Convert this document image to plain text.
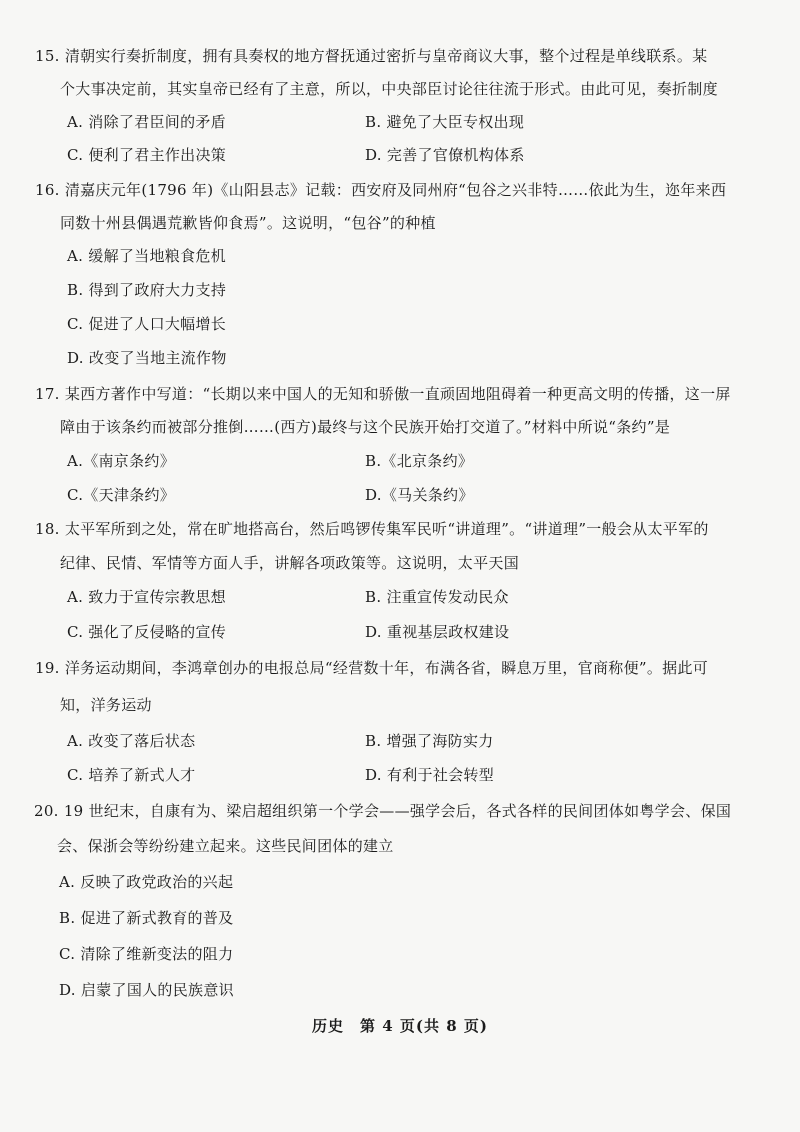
15. 清朝实行奏折制度，拥有具奏权的地方督抚通过密折与皇帝商议大事，整个过程是单线联系。某
个大事决定前，其实皇帝已经有了主意，所以，中央部臣讨论往往流于形式。由此可见，奏折制度
A. 消除了君臣间的矛盾	B. 避免了大臣专权出现
C. 便利了君主作出决策	D. 完善了官僚机构体系
16. 清嘉庆元年(1796 年)《山阳县志》记载：西安府及同州府“包谷之兴非特……依此为生，迩年来西
同数十州县偶遇荒歉皆仰食焉”。这说明，“包谷”的种植
A. 缓解了当地粮食危机
B. 得到了政府大力支持
C. 促进了人口大幅增长
D. 改变了当地主流作物
17. 某西方著作中写道：“长期以来中国人的无知和骄傲一直顽固地阻碍着一种更高文明的传播，这一屏
障由于该条约而被部分推倒……(西方)最终与这个民族开始打交道了。”材料中所说“条约”是
A.《南京条约》	B.《北京条约》
C.《天津条约》	D.《马关条约》
18. 太平军所到之处，常在旷地搭高台，然后鸣锣传集军民听“讲道理”。“讲道理”一般会从太平军的
纪律、民情、军情等方面人手，讲解各项政策等。这说明，太平天国
A. 致力于宣传宗教思想	B. 注重宣传发动民众
C. 强化了反侵略的宣传	D. 重视基层政权建设
19. 洋务运动期间，李鸿章创办的电报总局“经营数十年，布满各省，瞬息万里，官商称便”。据此可
知，洋务运动
A. 改变了落后状态	B. 增强了海防实力
C. 培养了新式人才	D. 有利于社会转型
20. 19 世纪末，自康有为、梁启超组织第一个学会——强学会后，各式各样的民间团体如粤学会、保国
会、保浙会等纷纷建立起来。这些民间团体的建立
A. 反映了政党政治的兴起
B. 促进了新式教育的普及
C. 清除了维新变法的阻力
D. 启蒙了国人的民族意识
历史　第 4 页(共 8 页)
